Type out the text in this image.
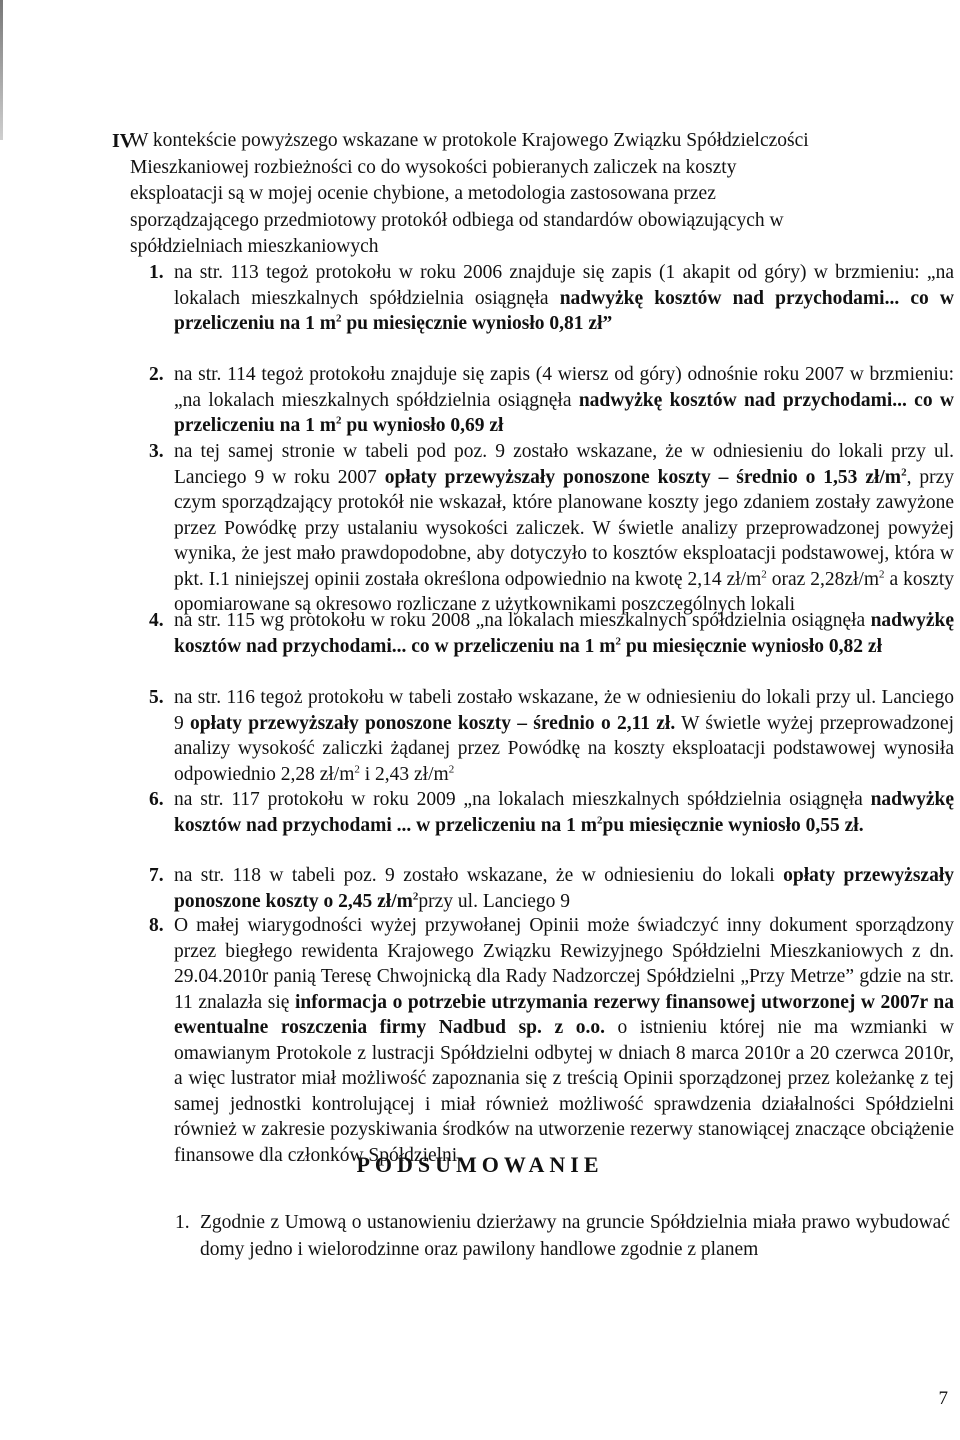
IV
W kontekście powyższego wskazane w protokole Krajowego Związku Spółdzielczości
Mieszkaniowej rozbieżności co do wysokości pobieranych zaliczek na koszty
eksploatacji są w mojej ocenie chybione, a metodologia zastosowana przez
sporządzającego przedmiotowy protokół odbiega od standardów obowiązujących w
spółdzielniach mieszkaniowych
1. na str. 113 tegoż protokołu w roku 2006 znajduje się zapis (1 akapit od góry) w brzmieniu: „na lokalach mieszkalnych spółdzielnia osiągnęła nadwyżkę kosztów nad przychodami... co w przeliczeniu na 1 $m^2$ pu miesięcznie wyniosło 0,81 zł”
2. na str. 114 tegoż protokołu znajduje się zapis (4 wiersz od góry) odnośnie roku 2007 w brzmieniu: „na lokalach mieszkalnych spółdzielnia osiągnęła nadwyżkę kosztów nad przychodami... co w przeliczeniu na 1 $m^2$ pu wyniosło 0,69 zł
3. na tej samej stronie w tabeli pod poz. 9 zostało wskazane, że w odniesieniu do lokali przy ul. Lanciego 9 w roku 2007 opłaty przewyższały ponoszone koszty – średnio o 1,53 $zł/m^2$, przy czym sporządzający protokół nie wskazał, które planowane koszty jego zdaniem zostały zawyżone przez Powódkę przy ustalaniu wysokości zaliczek. W świetle analizy przeprowadzonej powyżej wynika, że jest mało prawdopodobne, aby dotyczyło to kosztów eksploatacji podstawowej, która w pkt. I.1 niniejszej opinii została określona odpowiednio na kwotę 2,14 $zł/m^2$ oraz $2,28zł/m^2$ a koszty opomiarowane są okresowo rozliczane z użytkownikami poszczególnych lokali
4. na str. 115 wg protokołu w roku 2008 „na lokalach mieszkalnych spółdzielnia osiągnęła nadwyżkę kosztów nad przychodami... co w przeliczeniu na 1 $m^2$ pu miesięcznie wyniosło 0,82 zł
5. na str. 116 tegoż protokołu w tabeli zostało wskazane, że w odniesieniu do lokali przy ul. Lanciego 9 opłaty przewyższały ponoszone koszty – średnio o 2,11 zł. W świetle wyżej przeprowadzonej analizy wysokość zaliczki żądanej przez Powódkę na koszty eksploatacji podstawowej wynosiła odpowiednio 2,28 $zł/m^2$ i 2,43 $zł/m^2$
6. na str. 117 protokołu w roku 2009 „na lokalach mieszkalnych spółdzielnia osiągnęła nadwyżkę kosztów nad przychodami ... w przeliczeniu na 1 $m^2pu$ miesięcznie wyniosło 0,55 zł.
7. na str. 118 w tabeli poz. 9 zostało wskazane, że w odniesieniu do lokali opłaty przewyższały ponoszone koszty o 2,45 $zł/m^2przy$ ul. Lanciego 9
8. O małej wiarygodności wyżej przywołanej Opinii może świadczyć inny dokument sporządzony przez biegłego rewidenta Krajowego Związku Rewizyjnego Spółdzielni Mieszkaniowych z dn. 29.04.2010r panią Teresę Chwojnicką dla Rady Nadzorczej Spółdzielni „Przy Metrze” gdzie na str. 11 znalazła się informacja o potrzebie utrzymania rezerwy finansowej utworzonej w 2007r na ewentualne roszczenia firmy Nadbud sp. z o.o. o istnieniu której nie ma wzmianki w omawianym Protokole z lustracji Spółdzielni odbytej w dniach 8 marca 2010r a 20 czerwca 2010r, a więc lustrator miał możliwość zapoznania się z treścią Opinii sporządzonej przez koleżankę z tej samej jednostki kontrolującej i miał również możliwość sprawdzenia działalności Spółdzielni również w zakresie pozyskiwania środków na utworzenie rezerwy stanowiącej znaczące obciążenie finansowe dla członków Spółdzielni.
PODSUMOWANIE
1. Zgodnie z Umową o ustanowieniu dzierżawy na gruncie Spółdzielnia miała prawo wybudować domy jedno i wielorodzinne oraz pawilony handlowe zgodnie z planem
7
